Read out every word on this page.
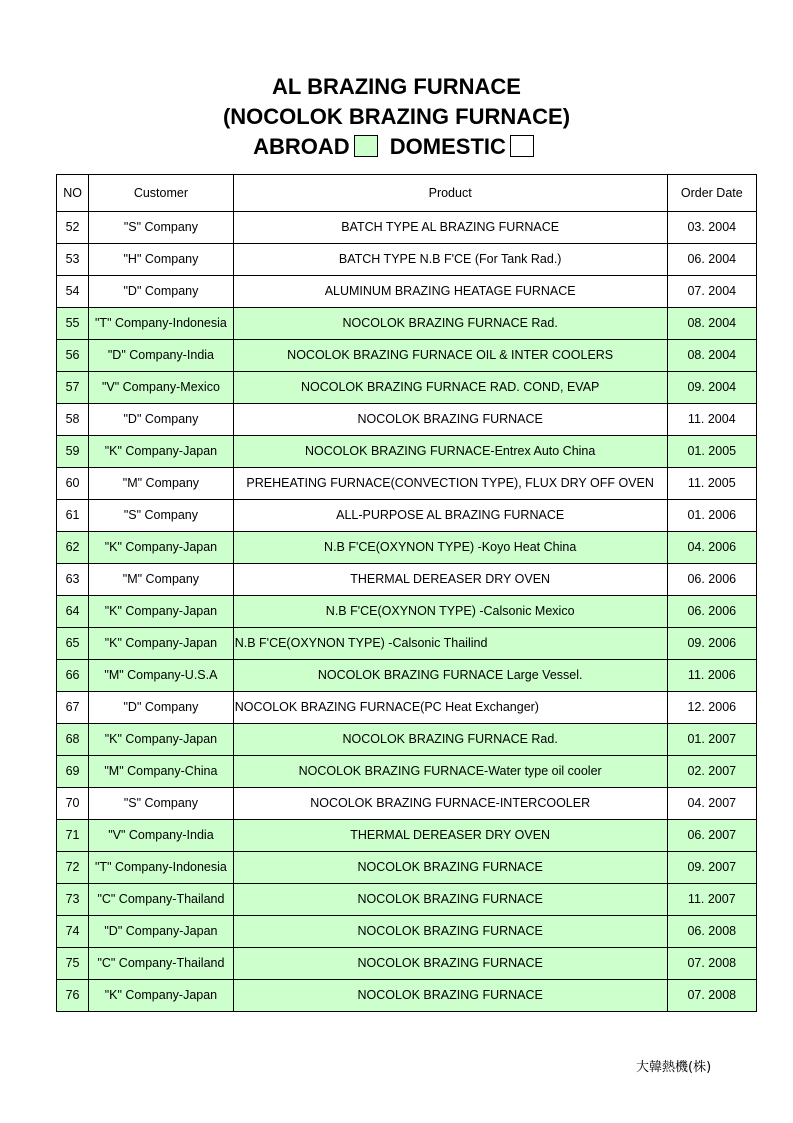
AL BRAZING FURNACE
(NOCOLOK BRAZING FURNACE)
ABROAD DOMESTIC
NO	Customer	Product	Order Date
52	"S" Company	BATCH TYPE AL BRAZING FURNACE	03. 2004
53	"H" Company	BATCH TYPE N.B F'CE (For Tank Rad.)	06. 2004
54	"D" Company	ALUMINUM BRAZING HEATAGE FURNACE	07. 2004
55	"T" Company-Indonesia	NOCOLOK BRAZING FURNACE Rad.	08. 2004
56	"D" Company-India	NOCOLOK BRAZING FURNACE OIL & INTER COOLERS	08. 2004
57	"V" Company-Mexico	NOCOLOK BRAZING FURNACE RAD. COND, EVAP	09. 2004
58	"D" Company	NOCOLOK BRAZING FURNACE	11. 2004
59	"K" Company-Japan	NOCOLOK BRAZING FURNACE-Entrex Auto China	01. 2005
60	"M" Company	PREHEATING FURNACE(CONVECTION TYPE), FLUX DRY OFF OVEN	11. 2005
61	"S" Company	ALL-PURPOSE AL BRAZING FURNACE	01. 2006
62	"K" Company-Japan	N.B F'CE(OXYNON TYPE) -Koyo Heat China	04. 2006
63	"M" Company	THERMAL DEREASER DRY OVEN	06. 2006
64	"K" Company-Japan	N.B F'CE(OXYNON TYPE) -Calsonic Mexico	06. 2006
65	"K" Company-Japan	N.B F'CE(OXYNON TYPE) -Calsonic Thailind	09. 2006
66	"M" Company-U.S.A	NOCOLOK BRAZING FURNACE Large Vessel.	11. 2006
67	"D" Company	NOCOLOK BRAZING FURNACE(PC Heat Exchanger)	12. 2006
68	"K" Company-Japan	NOCOLOK BRAZING FURNACE Rad.	01. 2007
69	"M" Company-China	NOCOLOK BRAZING FURNACE-Water type oil cooler	02. 2007
70	"S" Company	NOCOLOK BRAZING FURNACE-INTERCOOLER	04. 2007
71	"V" Company-India	THERMAL DEREASER DRY OVEN	06. 2007
72	"T" Company-Indonesia	NOCOLOK BRAZING FURNACE	09. 2007
73	"C" Company-Thailand	NOCOLOK BRAZING FURNACE	11. 2007
74	"D" Company-Japan	NOCOLOK BRAZING FURNACE	06. 2008
75	"C" Company-Thailand	NOCOLOK BRAZING FURNACE	07. 2008
76	"K" Company-Japan	NOCOLOK BRAZING FURNACE	07. 2008
大韓熱機(株)
